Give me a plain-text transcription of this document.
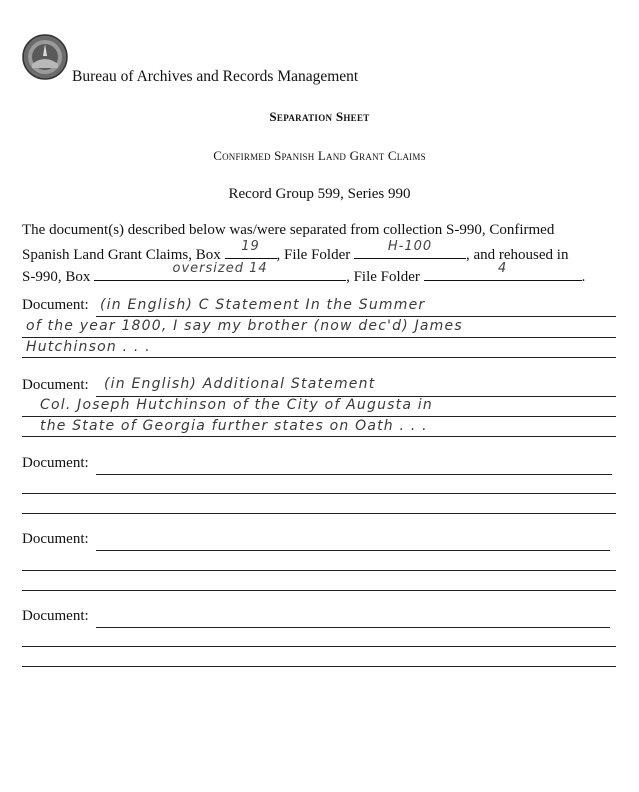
Bureau of Archives and Records Management
Separation Sheet
Confirmed Spanish Land Grant Claims
Record Group 599, Series 990
The document(s) described below was/were separated from collection S-990, Confirmed
Spanish Land Grant Claims, Box
19
, File Folder
H-100
, and rehoused in
S-990, Box
oversized 14
, File Folder
4
.
Document: (in English) C Statement In the Summer
of the year 1800, I say my brother (now dec'd) James
Hutchinson . . .
Document: (in English) Additional Statement
Col. Joseph Hutchinson of the City of Augusta in
the State of Georgia further states on Oath . . .
Document:
Document:
Document:
